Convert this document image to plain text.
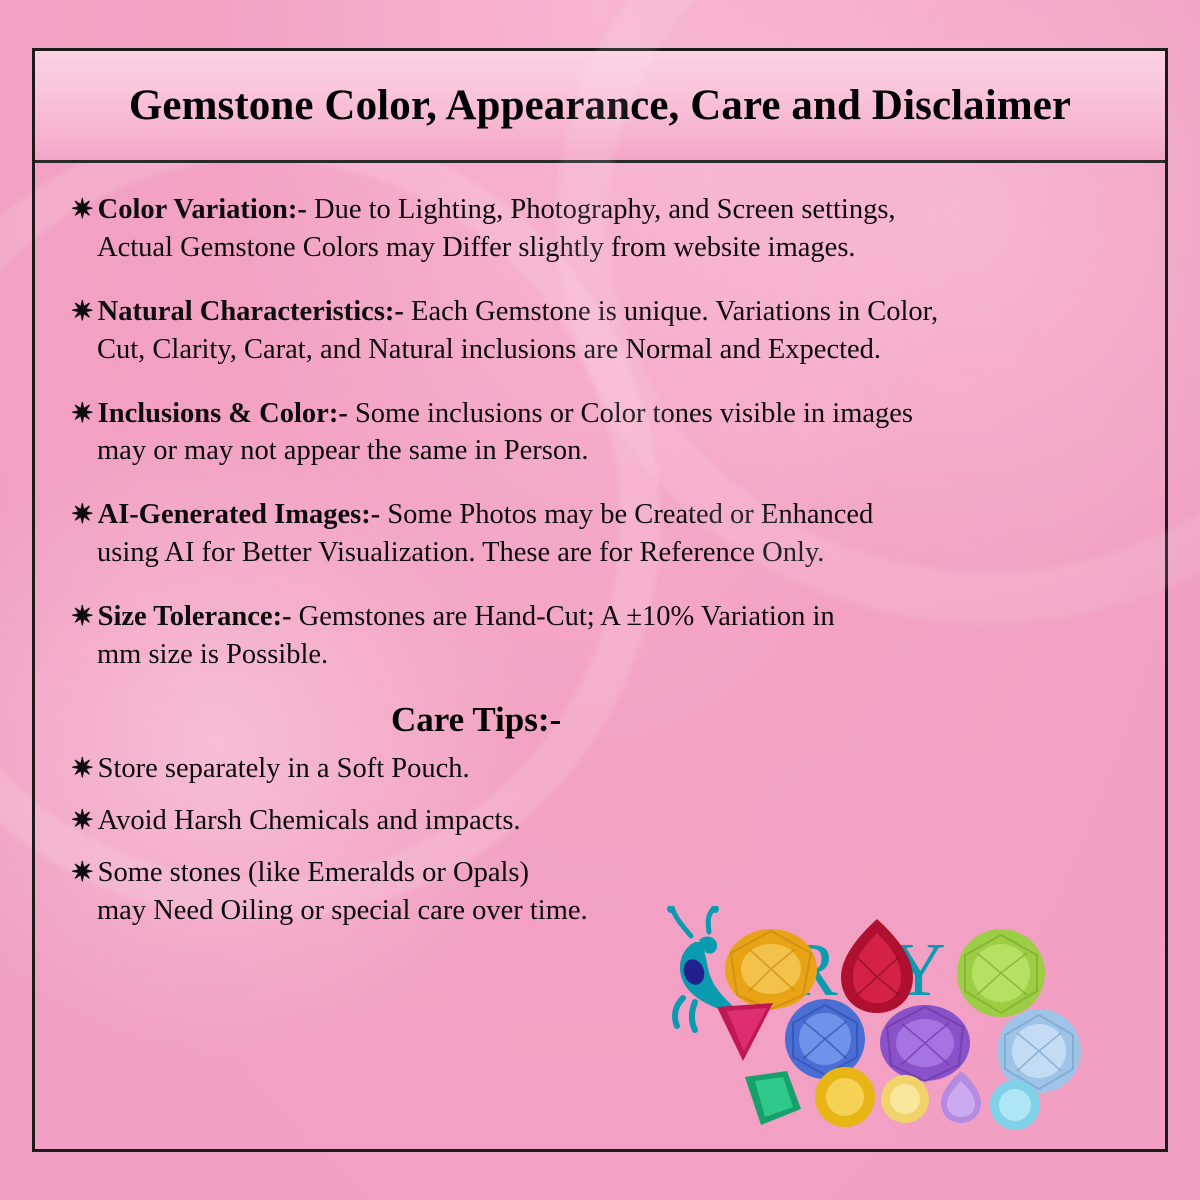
Gemstone Color, Appearance, Care and Disclaimer

✷ Color Variation:- Due to Lighting, Photography, and Screen settings,
Actual Gemstone Colors may Differ slightly from website images.

✷ Natural Characteristics:- Each Gemstone is unique. Variations in Color,
Cut, Clarity, Carat, and Natural inclusions are Normal and Expected.

✷ Inclusions & Color:- Some inclusions or Color tones visible in images
may or may not appear the same in Person.

✷ AI-Generated Images:- Some Photos may be Created or Enhanced
using AI for Better Visualization. These are for Reference Only.

✷ Size Tolerance:- Gemstones are Hand-Cut; A ±10% Variation in
mm size is Possible.

Care Tips:-

✷ Store separately in a Soft Pouch.

✷ Avoid Harsh Chemicals and impacts.

✷ Some stones (like Emeralds or Opals)
may Need Oiling or special care over time.
